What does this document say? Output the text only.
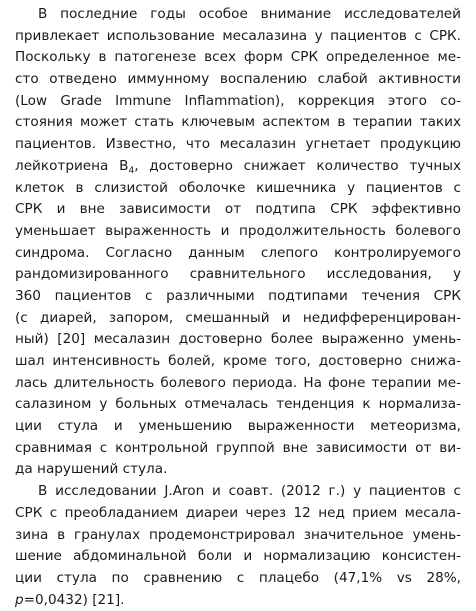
В последние годы особое внимание исследователей
привлекает использование месалазина у пациентов с СРК.
Поскольку в патогенезе всех форм СРК определенное ме-
сто отведено иммунному воспалению слабой активности
(Low Grade Immune Inflammation), коррекция этого со-
стояния может стать ключевым аспектом в терапии таких
пациентов. Известно, что месалазин угнетает продукцию
лейкотриена $В_4$, достоверно снижает количество тучных
клеток в слизистой оболочке кишечника у пациентов с
СРК и вне зависимости от подтипа СРК эффективно
уменьшает выраженность и продолжительность болевого
синдрома. Согласно данным слепого контролируемого
рандомизированного сравнительного исследования, у
360 пациентов с различными подтипами течения СРК
(с диарей, запором, смешанный и недифференцирован-
ный) [20] месалазин достоверно более выраженно умень-
шал интенсивность болей, кроме того, достоверно снижа-
лась длительность болевого периода. На фоне терапии ме-
салазином у больных отмечалась тенденция к нормализа-
ции стула и уменьшению выраженности метеоризма,
сравнимая с контрольной группой вне зависимости от ви-
да нарушений стула.
В исследовании J.Aron и соавт. (2012 г.) у пациентов с
СРК с преобладанием диареи через 12 нед прием месала-
зина в гранулах продемонстрировал значительное умень-
шение абдоминальной боли и нормализацию консистен-
ции стула по сравнению с плацебо (47,1% vs 28%,
p=0,0432) [21].
